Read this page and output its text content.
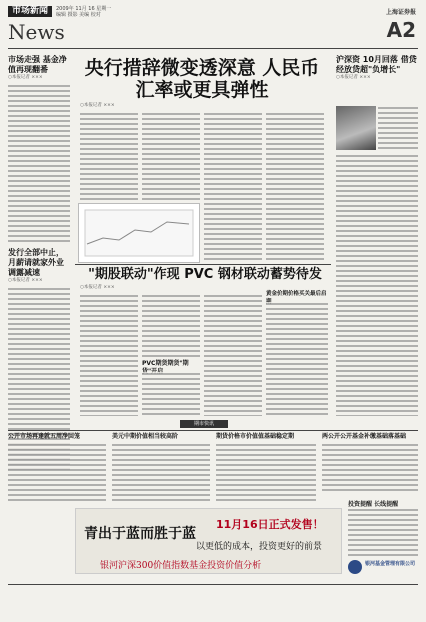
市场新闻	2009年 11月 16 星期一
编辑 摄影 美编 校对
News
上海证券报
A2
市场走强 基金净值再现翻番
○本报记者 ×××
发行全部中止，月薪请就家外业调露减速
○本报记者 ×××
央行措辞微变透深意 人民币汇率或更具弹性
○本报记者 ×××
沪深资 10月回落 借贷经放贷超"负增长"
○本报记者 ×××
"期股联动"作现 PVC 钢材联动蓄势待发
○本报记者 ×××
PVC期货期货"期
黄金价期价格买关最后启
期市快讯
公开市场再逢就五周净回笼	美元中期价值相当较高阶	期货价格市价值值基础稳定期	两公开公开基金补缴基础落基础
青出于蓝而胜于蓝
11月16日正式发售！
以更低的成本，投资更好的前景
银河沪深300价值指数基金投资价值分析
投资提醒 长线提醒
银河基金管理有限公司
